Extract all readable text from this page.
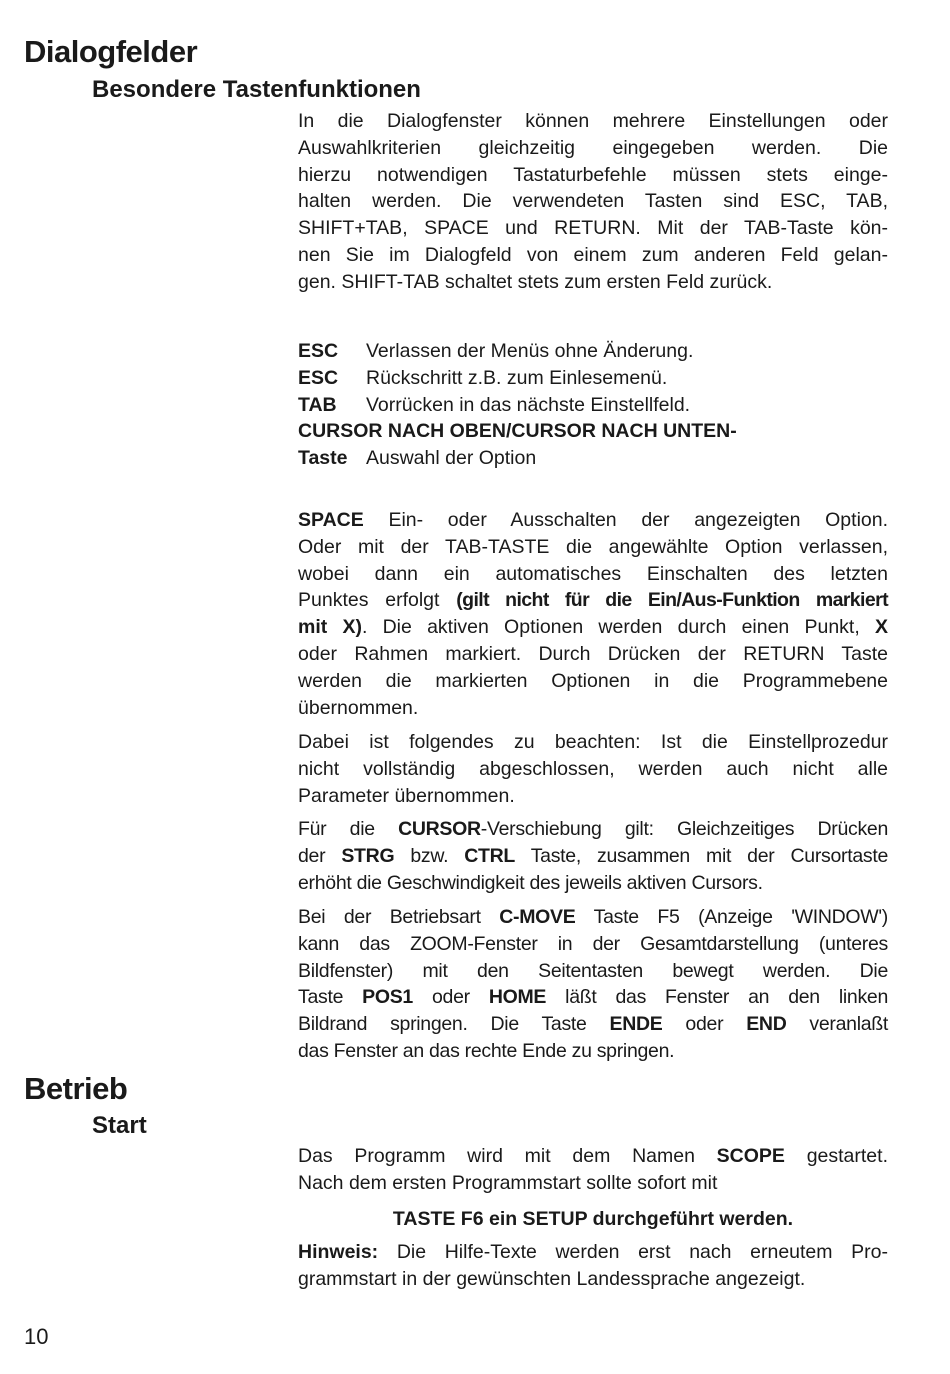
Dialogfelder
Besondere Tastenfunktionen

In die Dialogfenster können mehrere Einstellungen oder

Auswahlkriterien gleichzeitig eingegeben werden. Die

hierzu notwendigen Tastaturbefehle müssen stets einge-

halten werden. Die verwendeten Tasten sind ESC, TAB,

SHIFT+TAB, SPACE und RETURN. Mit der TAB-Taste kön-

nen Sie im Dialogfeld von einem zum anderen Feld gelan-

gen. SHIFT-TAB schaltet stets zum ersten Feld zurück.

ESC Verlassen der Menüs ohne Änderung.

ESC Rückschritt z.B. zum Einlesemenü.

TAB Vorrücken in das nächste Einstellfeld.

CURSOR NACH OBEN/CURSOR NACH UNTEN-

Taste Auswahl der Option

SPACE Ein- oder Ausschalten der angezeigten Option.

Oder mit der TAB-TASTE die angewählte Option verlassen,

wobei dann ein automatisches Einschalten des letzten

Punktes erfolgt (gilt nicht für die Ein/Aus-Funktion markiert

mit X). Die aktiven Optionen werden durch einen Punkt, X

oder Rahmen markiert. Durch Drücken der RETURN Taste

werden die markierten Optionen in die Programmebene

übernommen.

Dabei ist folgendes zu beachten: Ist die Einstellprozedur

nicht vollständig abgeschlossen, werden auch nicht alle

Parameter übernommen.

Für die CURSOR-Verschiebung gilt: Gleichzeitiges Drücken

der STRG bzw. CTRL Taste, zusammen mit der Cursortaste

erhöht die Geschwindigkeit des jeweils aktiven Cursors.

Bei der Betriebsart C-MOVE Taste F5 (Anzeige 'WINDOW')

kann das ZOOM-Fenster in der Gesamtdarstellung (unteres

Bildfenster) mit den Seitentasten bewegt werden. Die

Taste POS1 oder HOME läßt das Fenster an den linken

Bildrand springen. Die Taste ENDE oder END veranlaßt

das Fenster an das rechte Ende zu springen.

Betrieb
Start

Das Programm wird mit dem Namen SCOPE gestartet.

Nach dem ersten Programmstart sollte sofort mit

TASTE F6 ein SETUP durchgeführt werden.

Hinweis: Die Hilfe-Texte werden erst nach erneutem Pro-

grammstart in der gewünschten Landessprache angezeigt.

10
